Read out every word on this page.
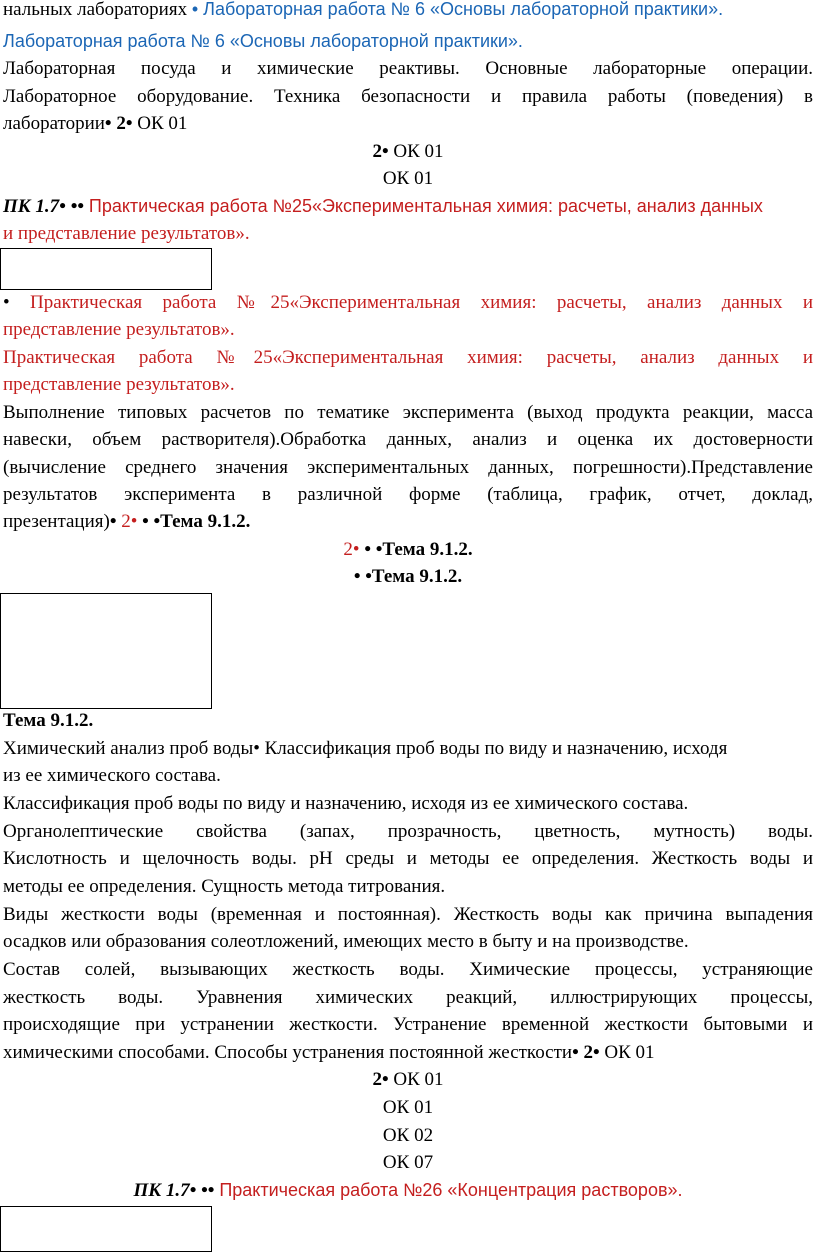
нальных лабораториях • Лабораторная работа № 6 «Основы лабораторной практики».
Лабораторная работа № 6 «Основы лабораторной практики».
Лабораторная посуда и химические реактивы. Основные лабораторные операции.
Лабораторное оборудование. Техника безопасности и правила работы (поведения) в
лаборатории• 2• ОК 01
2• ОК 01
ОК 01
ПК 1.7• •• Практическая работа №25«Экспериментальная химия: расчеты, анализ данных
и представление результатов».
• Практическая работа №25«Экспериментальная химия: расчеты, анализ данных и
представление результатов».
Практическая работа №25«Экспериментальная химия: расчеты, анализ данных и
представление результатов».
Выполнение типовых расчетов по тематике эксперимента (выход продукта реакции, масса
навески, объем растворителя).Обработка данных, анализ и оценка их достоверности
(вычисление среднего значения экспериментальных данных, погрешности).Представление
результатов эксперимента в различной форме (таблица, график, отчет, доклад,
презентация)• 2• • •Тема 9.1.2.
2• • •Тема 9.1.2.
• •Тема 9.1.2.
Тема 9.1.2.
Химический анализ проб воды• Классификация проб воды по виду и назначению, исходя
из ее химического состава.
Классификация проб воды по виду и назначению, исходя из ее химического состава.
Органолептические свойства (запах, прозрачность, цветность, мутность) воды.
Кислотность и щелочность воды. pH среды и методы ее определения. Жесткость воды и
методы ее определения. Сущность метода титрования.
Виды жесткости воды (временная и постоянная). Жесткость воды как причина выпадения
осадков или образования солеотложений, имеющих место в быту и на производстве.
Состав солей, вызывающих жесткость воды. Химические процессы, устраняющие
жесткость воды. Уравнения химических реакций, иллюстрирующих процессы,
происходящие при устранении жесткости. Устранение временной жесткости бытовыми и
химическими способами. Способы устранения постоянной жесткости• 2• ОК 01
2• ОК 01
ОК 01
ОК 02
ОК 07
ПК 1.7• •• Практическая работа №26 «Концентрация растворов».
